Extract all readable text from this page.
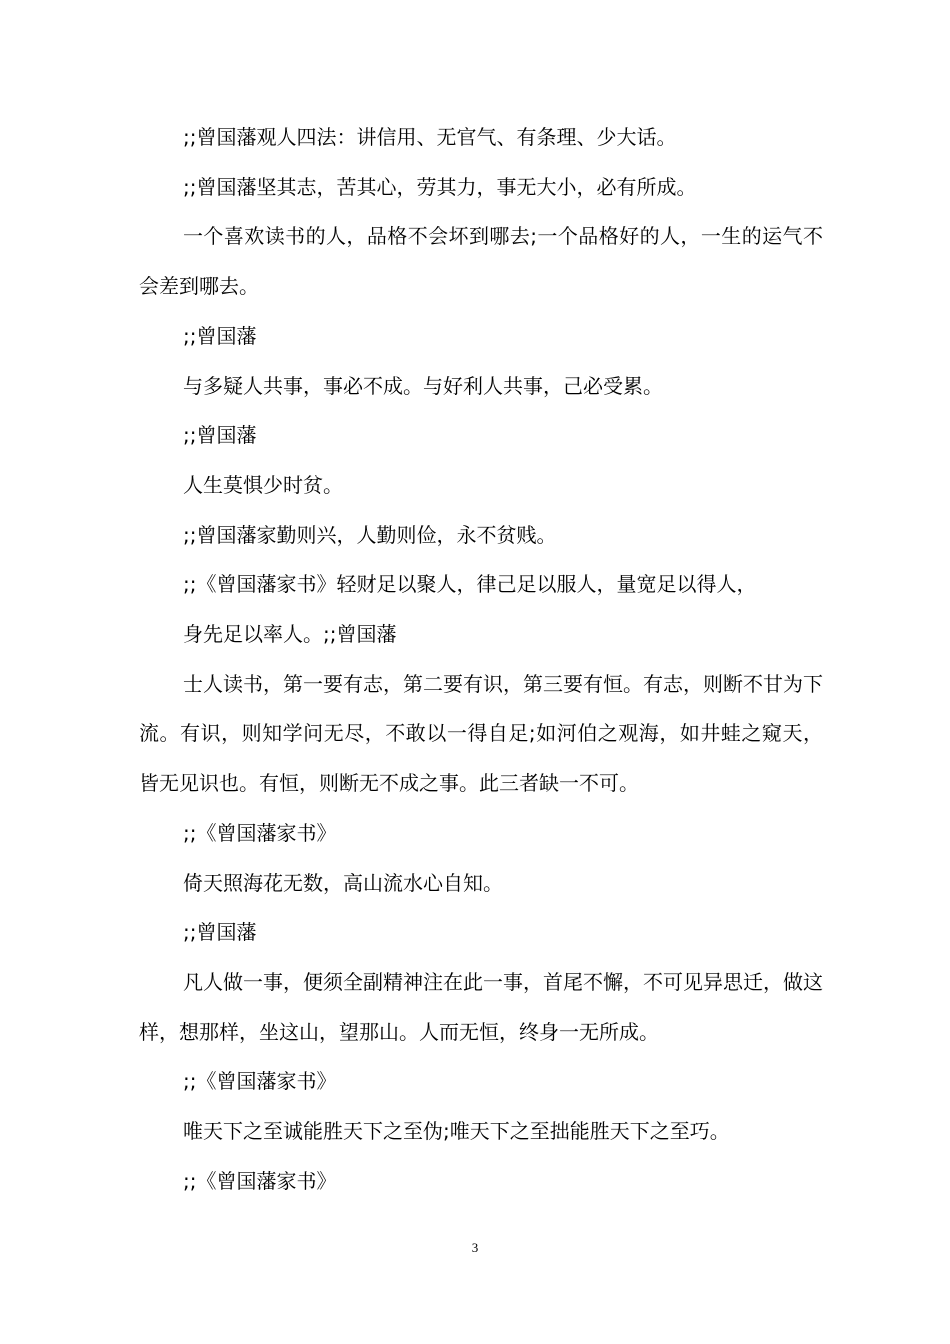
;;曾国藩观人四法：讲信用、无官气、有条理、少大话。

;;曾国藩坚其志，苦其心，劳其力，事无大小，必有所成。

一个喜欢读书的人，品格不会坏到哪去;一个品格好的人，一生的运气不会差到哪去。

;;曾国藩

与多疑人共事，事必不成。与好利人共事，己必受累。

;;曾国藩

人生莫惧少时贫。

;;曾国藩家勤则兴，人勤则俭，永不贫贱。

;;《曾国藩家书》轻财足以聚人，律己足以服人，量宽足以得人，

身先足以率人。;;曾国藩

士人读书，第一要有志，第二要有识，第三要有恒。有志，则断不甘为下流。有识，则知学问无尽，不敢以一得自足;如河伯之观海，如井蛙之窥天，皆无见识也。有恒，则断无不成之事。此三者缺一不可。

;;《曾国藩家书》

倚天照海花无数，高山流水心自知。

;;曾国藩

凡人做一事，便须全副精神注在此一事，首尾不懈，不可见异思迁，做这样，想那样，坐这山，望那山。人而无恒，终身一无所成。

;;《曾国藩家书》

唯天下之至诚能胜天下之至伪;唯天下之至拙能胜天下之至巧。

;;《曾国藩家书》

3
